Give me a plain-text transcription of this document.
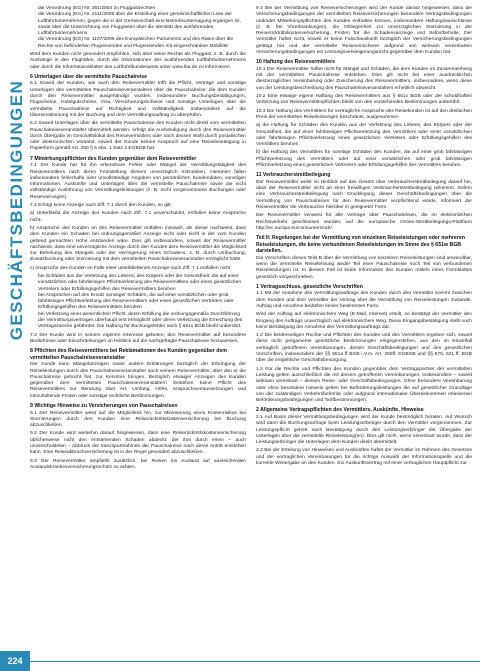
GESCHÄFTSBEDINGUNGEN
• die Verordnung (EG) Nr. 261/2004 zu Fluggastrechten
• die Verordnung (EG) Nr. 2111/2005 über die Erstellung einer gemeinschaftlichen Liste der Luftfahrtunternehmen, gegen die in der Gemeinschaft eine Betriebsuntersagung ergangen ist, sowie über die Unterrichtung von Fluggästen über die Identität des ausführenden Luftfahrtunternehmens
• die Verordnung (EG) Nr. 1107/2006 des Europäischen Parlaments und des Rates über die Rechte von behinderten Flugreisenden und Flugreisenden mit eingeschränkter Mobilität

Wird dem Kunden nicht gesondert empfohlen, sich über seine Rechte als Fluggast, z. B. durch die Aushänge in den Flughäfen, durch die Informationen des ausführenden Luftfahrtunternehmens oder durch die Informationsblätter des Luftfahrtbundesamts unter www.lba.de zu informieren.

6 Unterlagen über die vermittelte Pauschalreise

6.1 Soweit der Kunden, wie auch den Reisevermittler trifft die Pflicht, Verträge und sonstige Unterlagen des vermittelten Pauschalreiseveranstalters über die Pauschalreise, die dem Kunden durch den Reisevermittler ausgehändigt wurden, insbesondere Buchungsbestätigungen, Flugscheine, Hotelgutscheine, Visa, Versicherungsscheine und sonstige Unterlagen über die vermittelte Pauschalreise auf Richtigkeit und Vollständigkeit, insbesondere auf die Übereinstimmung mit der Buchung und dem Vermittlungsauftrag zu überprüfen.

6.2 Soweit Unterlagen über die vermittelte Pauschalreise den Kunden nicht direkt vom vermittelten Pauschalreiseveranstalter übermittelt werden, erfolgt die Aushändigung durch den Reisevermittler durch Übergabe im Geschäftslokal des Reisevermittlers oder nach dessen Wahl durch postalischen oder elektronischen Versand, soweit der Kunde keinen Anspruch auf eine Reisebestätigung in Papierform gemäß Art. 250 § 6 Abs. 1 Satz 2 EGBGB hat.

7 Mitwirkungspflichten des Kunden gegenüber dem Reisevermittler

7.1 Der Kunde hat für ihn erkennbare Fehler oder Mängel der Vermittlungstätigkeit des Reisevermittlers nach deren Feststellung diesem unverzüglich mitzuteilen. Hierunter fallen insbesondere fehlerhafte oder unvollständige Angaben von persönlichen Kundendaten, sonstigen Informationen, Auskünfte und Unterlagen über die vermittelte Pauschalreise sowie die nicht vollständige Ausführung von Vermittlungsleistungen (z. B. nicht vorgenommene Buchungen oder Reservierungen).

7.2 Erfolgt keine Anzeige nach Ziff. 7.1 durch den Kunden, so gilt:

a) Unterbleibt die Anzeige des Kunden nach Ziff. 7.1 unverschuldet, entfallen keine Ansprüche nicht.

b) Ansprüche des Kunden an den Reisevermittler entfallen insoweit, als dieser nachweist, dass dem Kunden ein Schaden bei ordnungsgemäßer Anzeige nicht oder nicht in der vom Kunden geltend gemachten Höhe entstanden wäre. Dies gilt insbesondere, soweit der Reisevermittler nachweist, dass eine unverzügliche Anzeige durch den Kunden dem Reisevermittler die Möglichkeit zur Behebung des Mangels oder der Verringerung eines Schadens, z. B. durch Umbuchung, Zusatzbuchung oder Stornierung mit dem vermittelten Pauschalreiseveranstalter ermöglicht hätte.

c) Ansprüche des Kunden im Falle einer unterbliebenen Anzeige nach Ziff. 7.1 entfallen nicht

• bei Schäden aus der Verletzung des Lebens, des Körpers oder der Gesundheit, die auf einer vorsätzlichen oder fahrlässigen Pflichtverletzung des Reisevermittlers oder eines gesetzlichen Vertreters oder Erfüllungsgehilfen des Reisevermittlers beruhen
• bei Ansprüchen auf den Ersatz sonstiger Schäden, die auf einer vorsätzlichen oder grob fahrlässigen Pflichtverletzung des Reisevermittlers oder eines gesetzlichen Vertreters oder Erfüllungsgehilfen des Reisevermittlers beruhen
• bei Verletzung einer wesentlichen Pflicht, deren Erfüllung die ordnungsgemäße Durchführung der Vermittlungsvertrages überhaupt erst ermöglicht oder deren Verletzung die Erreichung des Vertragszwecks gefährdet. Die Haftung für Buchungsfehler nach § 651x BGB bleibt unberührt.

7.3 Der Kunde wird in seinem eigenen Interesse gebeten, den Reisevermittler auf besondere Bedürfnisse oder Einschränkungen im Hinblick auf die nachgefragte Pauschalreise hinzuweisen.

8 Pflichten des Reisevermittlers bei Reklamationen des Kunden gegenüber dem vermittelten Pauschalreiseveranstalter

Der Kunde kann Mängelanzeigen sowie andere Erklärungen bezüglich der Erbringung der Reiseleistungen durch den Pauschalreiseveranstalter auch seinem Reisevermittler, über den er die Pauschalreise gebucht hat, zur Kenntnis bringen. Bezüglich etwaiger Anzeigen des Kunden gegenüber dem vermittelten Pauschalreiseveranstaltern bestehen keine Pflicht des Reisevermittlers zur Beratung über Art, Umfang, Höhe, Anspruchsvoraussetzungen und einzuhaltende Fristen oder sonstige rechtliche Bestimmungen.

9 Wichtige Hinweise zu Versicherungen von Pauschalreisen

9.1 Der Reisevermittler weist auf die Möglichkeit hin, zur Minimierung eines Kostenrisikos bei Stornierungen durch den Kunden eine Reiserücktrittskostenversicherung bei Buchung abzuschließen.

9.2 Der Kunde wird weiterhin darauf hingewiesen, dass eine Reiserücktrittskostenversicherung üblicherweise nicht den entstehenden Schaden abdeckt, der ihm durch einen – auch unverschuldeten – Abbruch der tranzspurtnahmen der Pauschalreise nach deren Antritt entstehen kann. Eine Reiseabbruchversicherung ist in der Regel gesondert abzuschließen.

9.3 Der Reisevermittler empfiehlt zusätzlich, bei Reisen ins Ausland auf ausreichenden Auslandskrankenversicherungsschutz zu achten.

9.4 Bei der Vermittlung von Reiseversicherungen wird der Kunde darauf hingewiesen, dass die Versicherungsbedingungen der vermittelten Reiseversicherungen besondere Vertragsbedingungen und/oder Mitwirkungspflichten des Kunden enthalten können, insbesondere Haftungsausschlüsse (z. B. bei Vorerkrankungen), die Obliegenheit zur unverzüglichen Stornierung in der Reiserücktrittskostenversicherung, Fristen für die Schadensanzeige und Selbstbehalte. Der Vermittler haftet nicht, soweit er keine Falschauskunft bezüglich der Versicherungsbedingungen getätigt hat und der vermittelte Reiseversicherer aufgrund von wirksam vereinbarten Versicherungsbedingungen ein Leistungsverweigerungsrecht gegenüber dem Kunden hat.

10 Haftung des Reisevermittlers

10.1 Der Reisevermittler haftet nicht für Mängel und Schäden, die dem Kunden im Zusammenhang mit der vermittelten Pauschalreise entstehen. Dies gilt nicht bei einer ausdrücklichen diesbezüglichen Vereinbarung oder Zusicherung des Reisevermittlers, insbesondere, wenn diese von der Leistungsbeschreibung des Pauschalreiseveranstalters erheblich abweicht.

10.2 Eine etwaige eigene Haftung des Reisevermittlers aus § 651x BGB oder der schuldhaften Verletzung von Reisevermittlerpflichten bleibt von den vorstehenden Bestimmungen unberührt.

10.3 Die Haftung des Vermittlers für vertragliche Ansprüche des Reisekunden ist auf den dreifachen Preis der vermittelten Reiseleistungen beschränkt, ausgenommen

a) die Haftung für Schäden des Kunden aus der Verletzung des Lebens, des Körpers oder der Gesundheit, die auf einer fahrlässigen Pflichtverletzung des Vermittlers oder einer vorsätzlichen oder fahrlässigen Pflichtverletzung eines gesetzlichen Vertreters oder Erfüllungsgehilfen des Vermittlers beruhen.

b) die Haftung des Vermittlers für sonstige Schäden des Kunden, die auf einer grob fahrlässigen Pflichtverletzung des Vermittlers oder auf einer vorsätzlichen oder grob fahrlässigen Pflichtverletzung eines gesetzlichen Vertreters oder Erfüllungsgehilfen des Vermittlers beruhen.

11 Verbraucherstreitbeilegung

Der Reisevermittler weist im Hinblick auf das Gesetz über Verbraucherstreitbeilegung darauf hin, dass der Reisevermittler nicht an einer freiwilligen Verbraucherstreitbeilegung teilnimmt. Sofern eine Verbraucherstreitbeilegung nach Drucklegung dieser Geschäftsbedingungen über die Vermittlung von Pauschalreisen für den Reisevermittler verpflichtend würde, informiert der Reisevermittler die Verbraucher hierüber in geeigneter Form.

Der Reisevermittler verweist für alle Verträge über Pauschalreisen, die im elektronischen Rechtsverkehr geschlossen wurden, auf die europäische Online-Streitbeilegungs-Plattform http://ec.europa.eu/consumers/odr/.

Teil II: Regelungen bei der Vermittlung von einzelnen Reiseleistungen oder mehreren Reiseleistungen, die keine verbundenen Reiseleistungen im Sinne des § 651w BGB darstellen.

Die Vorschriften dieses Teils B über die Vermittlung von einzelnen Reiseleistungen sind anwendbar, wenn die vermittelte Reiseleistung weder Teil einer Pauschalreise noch Teil von verbundenen Reiseleistungen ist. In diesem Fall ist keine Information des Kunden mittels eines Formblattes gesetzlich vorgeschrieben.

1 Vertragsschluss, gesetzliche Vorschriften

1.1 Mit der Annahme des Vermittlungsauftrags des Kunden durch den Vermittler kommt zwischen dem Kunden und dem Vermittler der Vertrag über die Vermittlung von Reiseleistungen zustande. Auftrag und Annahme bedürfen keiner bestimmten Form.

Wird der Auftrag auf elektronischem Weg (E-Mail, Internet) erteilt, so bestätigt der Vermittler den Eingang des Auftrags unverzüglich auf elektronischem Weg. Diese Eingangsbestätigung stellt noch keine Bestätigung der Annahme des Vermittlungsauftrags dar.

1.2 Die beiderseitigen Rechte und Pflichten des Kunden und des Vermittlers ergeben sich, soweit diese nicht pergamente gesetzliche Bestimmungen entgegenstehen, aus den im Einzelfall vertraglich getroffenen Vereinbarungen, diesen Geschäftsbedingungen und den gesetzlichen Vorschriften, insbesondere der §§ 651a ff BGB i.V.m. Art. 250ff. EGBGB und §§ 675, 631 ff. BGB über die entgeltliche Geschäftsbesorgung.

1.3 Für die Rechte und Pflichten des Kunden gegenüber dem Vertragspartner der vermittelten Leistung gelten ausschließlich die mit diesem getroffenen Vereinbarungen, insbesondere – soweit wirksam vereinbart – dessen Reise- oder Geschäftsbedingungen. Ohne besondere Vereinbarung oder ohne besondere Hinweis gelten bei Beförderungsleistungen die auf gesetzlicher Grundlage von der zuständigen Verkehrsbehörde oder aufgrund internationaler Übereinkommen erlassenen Beförderungsbedingungen und Tarifbestimmungen.

2 Allgemeine Vertragspflichten des Vermittlers, Auskünfte, Hinweise

2.1 Auf Basis dieser Vermittlungsbedingungen wird der Kunde bestmöglich beraten. Auf Wunsch wird dann die Buchungsanfrage beim Leistungserbringer durch den Vermittler vorgenommen. Zur Leistungspflicht gehört nach Bestätigung durch den Leistungserbringer die Übergabe der Unterlagen über die vermittelte Reiseleistung(en). Dies gilt nicht, wenn vereinbart wurde, dass der Leistungserbringer die Unterlagen dem Kunden direkt übermittelt.

2.2 Bei der Erteilung von Hinweisen und Auskünften haftet der Vermittler im Rahmen des Gesetzes und der vertraglichen Vereinbarungen für die richtige Auswahl der Informationsquelle und die korrekte Weitergabe an den Kunden. Ein Auskunftsvertrag mit einer vertraglichen Hauptpflicht zur

224
